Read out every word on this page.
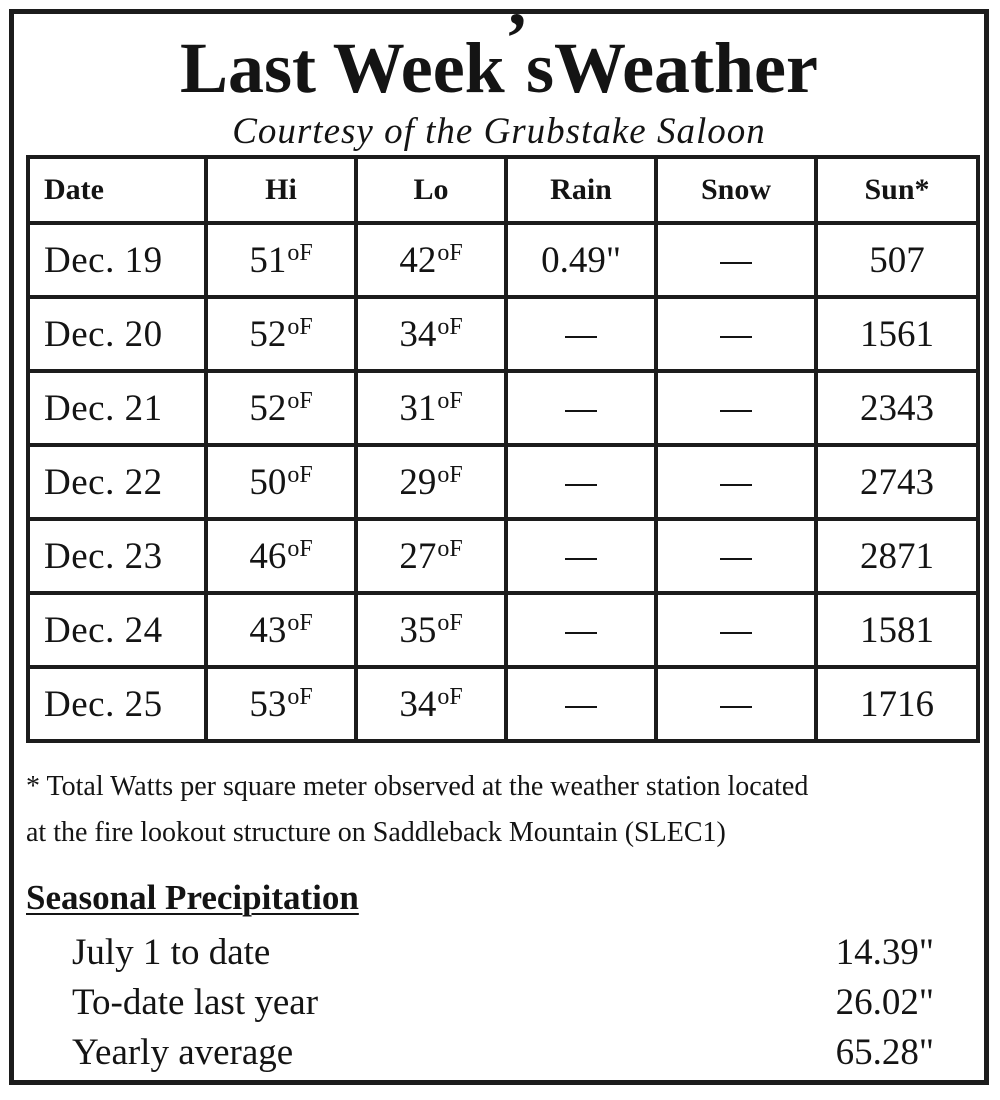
Last Week’sWeather
Courtesy of the Grubstake Saloon
Date	Hi	Lo	Rain	Snow	Sun*
Dec. 19	$51^{oF}$	$42^{oF}$	0.49"		507
Dec. 20	$52^{oF}$	$34^{oF}$			1561
Dec. 21	$52^{oF}$	$31^{oF}$			2343
Dec. 22	$50^{oF}$	$29^{oF}$			2743
Dec. 23	$46^{oF}$	$27^{oF}$			2871
Dec. 24	$43^{oF}$	$35^{oF}$			1581
Dec. 25	$53^{oF}$	$34^{oF}$			1716
* Total Watts per square meter observed at the weather station located
at the fire lookout structure on Saddleback Mountain (SLEC1)
Seasonal Precipitation
July 1 to date	14.39"
To-date last year	26.02"
Yearly average	65.28"
